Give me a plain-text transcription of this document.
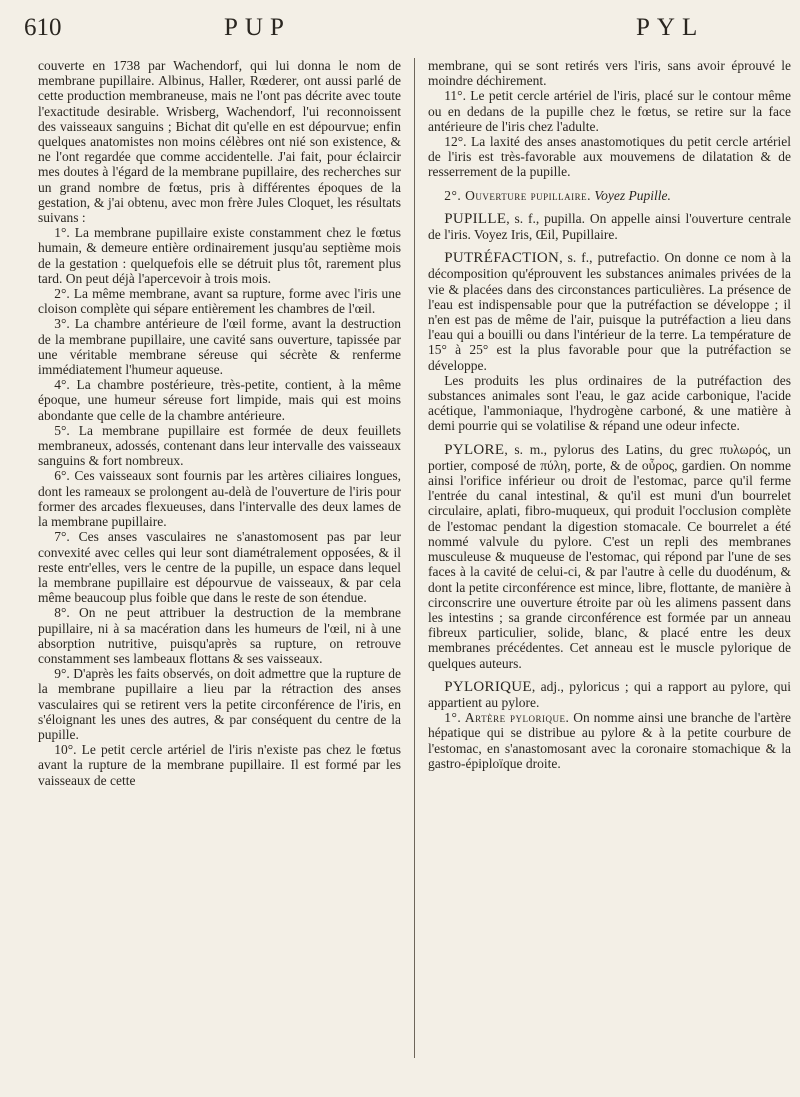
610	PUP	PYL

couverte en 1738 par Wachendorf, qui lui donna le nom de membrane pupillaire. Albinus, Haller, Rœderer, ont aussi parlé de cette production membraneuse, mais ne l'ont pas décrite avec toute l'exactitude desirable. Wrisberg, Wachendorf, l'ui reconnoissent des vaisseaux sanguins ; Bichat dit qu'elle en est dépourvue; enfin quelques anatomistes non moins célèbres ont nié son existence, & ne l'ont regardée que comme accidentelle. J'ai fait, pour éclaircir mes doutes à l'égard de la membrane pupillaire, des recherches sur un grand nombre de fœtus, pris à différentes époques de la gestation, & j'ai obtenu, avec mon frère Jules Cloquet, les résultats suivans :

1°. La membrane pupillaire existe constamment chez le fœtus humain, & demeure entière ordinairement jusqu'au septième mois de la gestation : quelquefois elle se détruit plus tôt, rarement plus tard. On peut déjà l'apercevoir à trois mois.

2°. La même membrane, avant sa rupture, forme avec l'iris une cloison complète qui sépare entièrement les chambres de l'œil.

3°. La chambre antérieure de l'œil forme, avant la destruction de la membrane pupillaire, une cavité sans ouverture, tapissée par une véritable membrane séreuse qui sécrète & renferme immédiatement l'humeur aqueuse.

4°. La chambre postérieure, très-petite, contient, à la même époque, une humeur séreuse fort limpide, mais qui est moins abondante que celle de la chambre antérieure.

5°. La membrane pupillaire est formée de deux feuillets membraneux, adossés, contenant dans leur intervalle des vaisseaux sanguins & fort nombreux.

6°. Ces vaisseaux sont fournis par les artères ciliaires longues, dont les rameaux se prolongent au-delà de l'ouverture de l'iris pour former des arcades flexueuses, dans l'intervalle des deux lames de la membrane pupillaire.

7°. Ces anses vasculaires ne s'anastomosent pas par leur convexité avec celles qui leur sont diamétralement opposées, & il reste entr'elles, vers le centre de la pupille, un espace dans lequel la membrane pupillaire est dépourvue de vaisseaux, & par cela même beaucoup plus foible que dans le reste de son étendue.

8°. On ne peut attribuer la destruction de la membrane pupillaire, ni à sa macération dans les humeurs de l'œil, ni à une absorption nutritive, puisqu'après sa rupture, on retrouve constamment ses lambeaux flottans & ses vaisseaux.

9°. D'après les faits observés, on doit admettre que la rupture de la membrane pupillaire a lieu par la rétraction des anses vasculaires qui se retirent vers la petite circonférence de l'iris, en s'éloignant les unes des autres, & par conséquent du centre de la pupille.

10°. Le petit cercle artériel de l'iris n'existe pas chez le fœtus avant la rupture de la membrane pupillaire. Il est formé par les vaisseaux de cette

membrane, qui se sont retirés vers l'iris, sans avoir éprouvé le moindre déchirement.

11°. Le petit cercle artériel de l'iris, placé sur le contour même ou en dedans de la pupille chez le fœtus, se retire sur la face antérieure de l'iris chez l'adulte.

12°. La laxité des anses anastomotiques du petit cercle artériel de l'iris est très-favorable aux mouvemens de dilatation & de resserrement de la pupille.

2°. Ouverture pupillaire. Voyez Pupille.

PUPILLE, s. f., pupilla. On appelle ainsi l'ouverture centrale de l'iris. Voyez Iris, Œil, Pupillaire.

PUTRÉFACTION, s. f., putrefactio. On donne ce nom à la décomposition qu'éprouvent les substances animales privées de la vie & placées dans des circonstances particulières. La présence de l'eau est indispensable pour que la putréfaction se développe ; il n'en est pas de même de l'air, puisque la putréfaction a lieu dans l'eau qui a bouilli ou dans l'intérieur de la terre. La température de 15° à 25° est la plus favorable pour que la putréfaction se développe.

Les produits les plus ordinaires de la putréfaction des substances animales sont l'eau, le gaz acide carbonique, l'acide acétique, l'ammoniaque, l'hydrogène carboné, & une matière à demi pourrie qui se volatilise & répand une odeur infecte.

PYLORE, s. m., pylorus des Latins, du grec πυλωρός, un portier, composé de πύλη, porte, & de οὖρος, gardien. On nomme ainsi l'orifice inférieur ou droit de l'estomac, parce qu'il ferme l'entrée du canal intestinal, & qu'il est muni d'un bourrelet circulaire, aplati, fibro-muqueux, qui produit l'occlusion complète de l'estomac pendant la digestion stomacale. Ce bourrelet a été nommé valvule du pylore. C'est un repli des membranes musculeuse & muqueuse de l'estomac, qui répond par l'une de ses faces à la cavité de celui-ci, & par l'autre à celle du duodénum, & dont la petite circonférence est mince, libre, flottante, de manière à circonscrire une ouverture étroite par où les alimens passent dans les intestins ; sa grande circonférence est formée par un anneau fibreux particulier, solide, blanc, & placé entre les deux membranes précédentes. Cet anneau est le muscle pylorique de quelques auteurs.

PYLORIQUE, adj., pyloricus ; qui a rapport au pylore, qui appartient au pylore.

1°. Artère pylorique. On nomme ainsi une branche de l'artère hépatique qui se distribue au pylore & à la petite courbure de l'estomac, en s'anastomosant avec la coronaire stomachique & la gastro-épiploïque droite.
